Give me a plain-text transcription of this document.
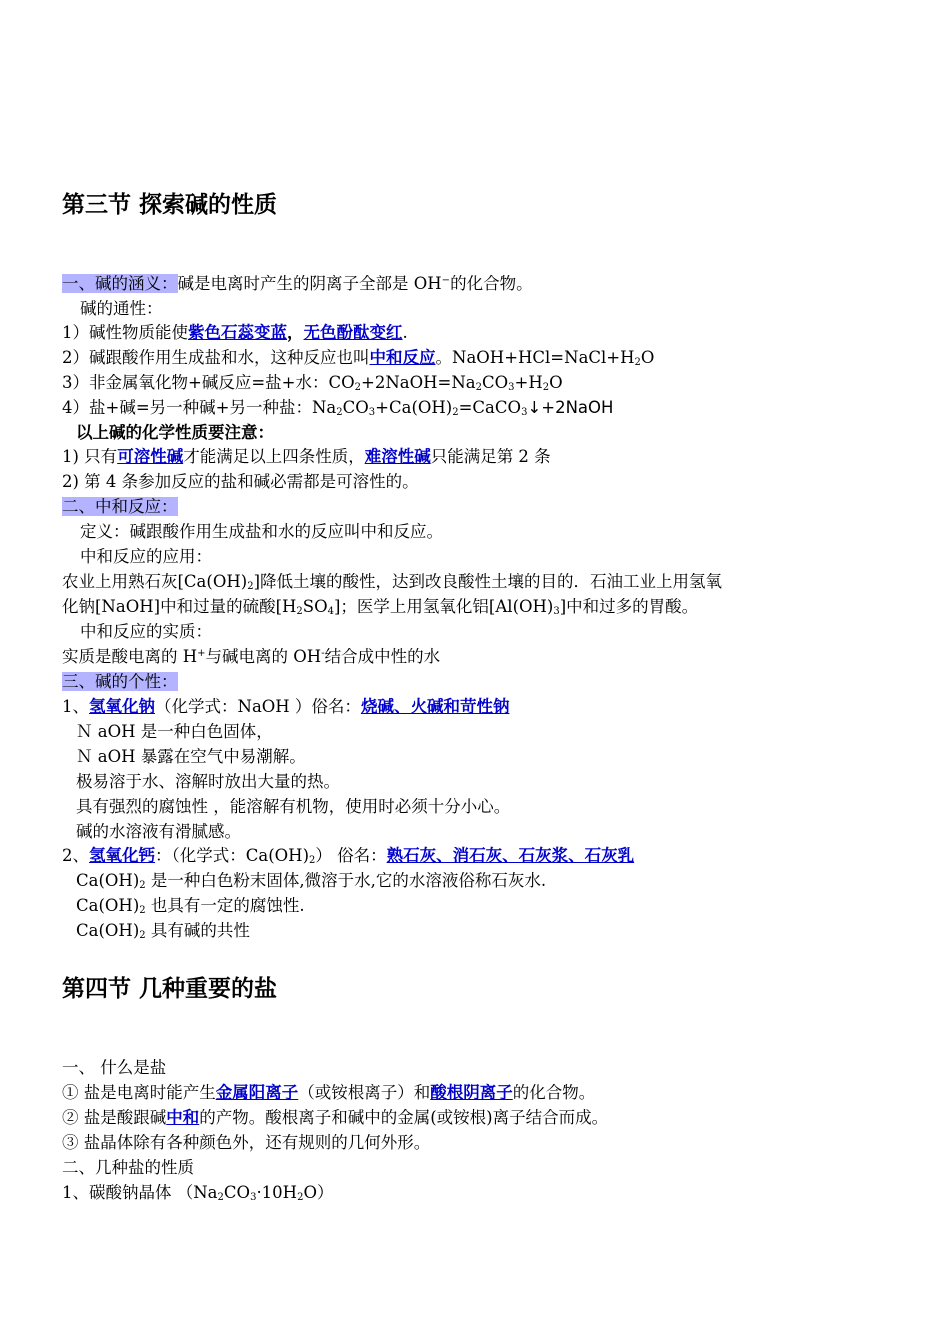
第三节 探索碱的性质
一、碱的涵义：碱是电离时产生的阴离子全部是 OH−的化合物。
碱的通性：
1）碱性物质能使紫色石蕊变蓝，无色酚酞变红.
2）碱跟酸作用生成盐和水，这种反应也叫中和反应。$NaOH+HCl=NaCl+H_2O$
3）非金属氧化物+碱反应=盐+水：$CO_2+2NaOH=Na_2CO_3+H_2O$
4）盐+碱=另一种碱+另一种盐：$Na_2CO_3+Ca(OH)_2=CaCO_3↓+2NaOH$
以上碱的化学性质要注意：
1) 只有可溶性碱才能满足以上四条性质，难溶性碱只能满足第 2 条
2) 第 4 条参加反应的盐和碱必需都是可溶性的。
二、中和反应：
定义：碱跟酸作用生成盐和水的反应叫中和反应。
中和反应的应用：
农业上用熟石灰$[Ca(OH)_2]$降低土壤的酸性，达到改良酸性土壤的目的．石油工业上用氢氧
化钠[NaOH]中和过量的硫酸$[H_2SO_4]$；医学上用氢氧化铝$[Al(OH)_3]$中和过多的胃酸。
中和反应的实质：
实质是酸电离的 H+与碱电离的 OH-结合成中性的水
三、碱的个性：
1、氢氧化钠（化学式：NaOH ）俗名：烧碱、火碱和苛性钠
Ｎ aOH 是一种白色固体，
Ｎ aOH 暴露在空气中易潮解。
极易溶于水、溶解时放出大量的热。
具有强烈的腐蚀性 ，能溶解有机物，使用时必须十分小心。
碱的水溶液有滑腻感。
2、氢氧化钙：（化学式：$Ca(OH)_2$） 俗名：熟石灰、消石灰、石灰浆、石灰乳
$Ca(OH)_2$ 是一种白色粉末固体,微溶于水,它的水溶液俗称石灰水.
$Ca(OH)_2$ 也具有一定的腐蚀性.
$Ca(OH)_2$ 具有碱的共性
第四节 几种重要的盐
一、 什么是盐
① 盐是电离时能产生金属阳离子（或铵根离子）和酸根阴离子的化合物。
② 盐是酸跟碱中和的产物。酸根离子和碱中的金属(或铵根)离子结合而成。
③ 盐晶体除有各种颜色外，还有规则的几何外形。
二、几种盐的性质
1、碳酸钠晶体 $(Na_2CO_3\cdot 10H_2O)$
